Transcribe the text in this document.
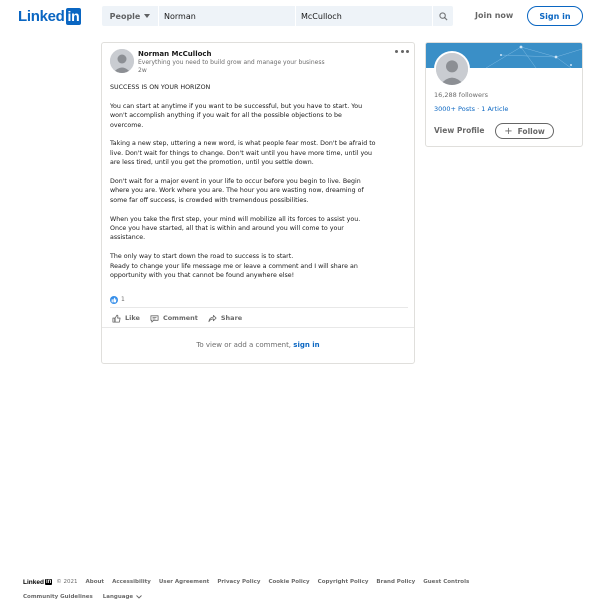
Linked in	People	Norman	McCulloch	Join now	Sign in
Norman McCulloch
Everything you need to build grow and manage your business
2w

SUCCESS IS ON YOUR HORIZON

You can start at anytime if you want to be successful, but you have to start. You
won't accomplish anything if you wait for all the possible objections to be
overcome.

Taking a new step, uttering a new word, is what people fear most. Don't be afraid to
live. Don't wait for things to change. Don't wait until you have more time, until you
are less tired, until you get the promotion, until you settle down.

Don't wait for a major event in your life to occur before you begin to live. Begin
where you are. Work where you are. The hour you are wasting now, dreaming of
some far off success, is crowded with tremendous possibilities.

When you take the first step, your mind will mobilize all its forces to assist you.
Once you have started, all that is within and around you will come to your
assistance.

The only way to start down the road to success is to start.
Ready to change your life message me or leave a comment and I will share an
opportunity with you that cannot be found anywhere else!

1
Like	Comment	Share
To view or add a comment, sign in
16,288 followers
3000+ Posts · 1 Article
View Profile + Follow
Linked in © 2021 About Accessibility User Agreement Privacy Policy Cookie Policy Copyright Policy Brand Policy Guest Controls
Community Guidelines Language
